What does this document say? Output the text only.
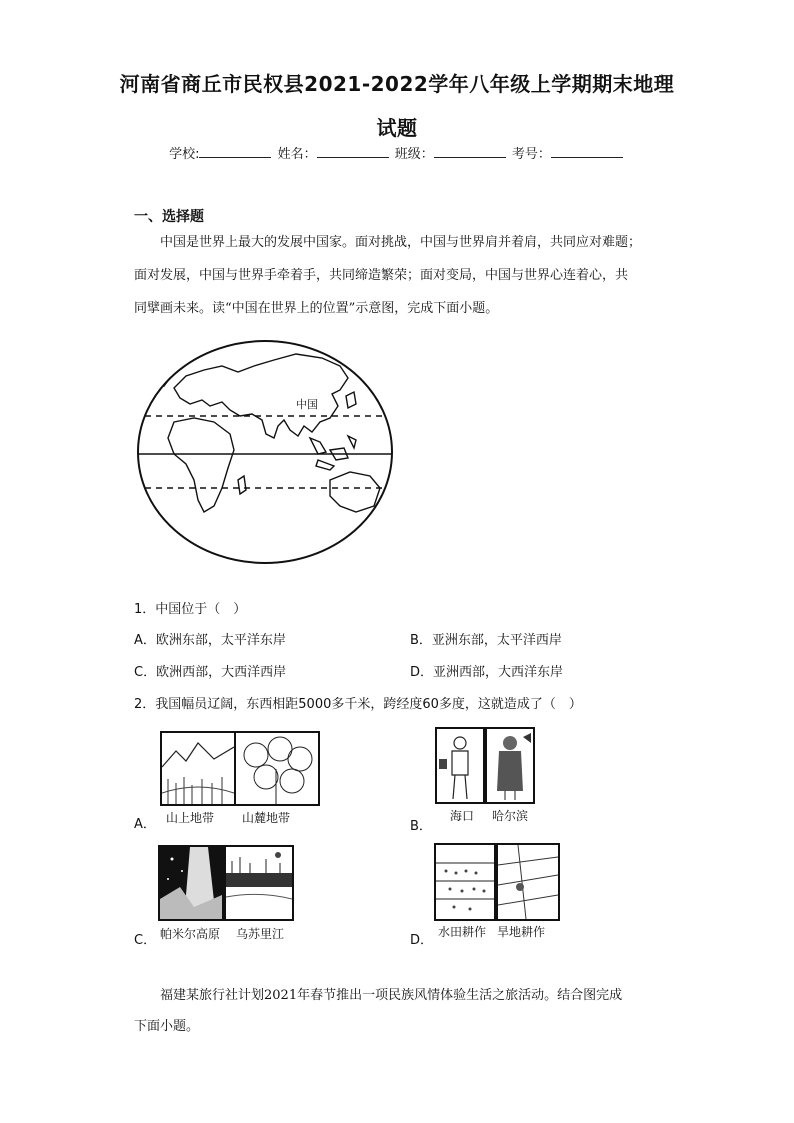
河南省商丘市民权县2021-2022学年八年级上学期期末地理
试题
学校:	姓名：	班级：	考号：
一、选择题
中国是世界上最大的发展中国家。面对挑战，中国与世界肩并着肩，共同应对难题；
面对发展，中国与世界手牵着手，共同缔造繁荣；面对变局，中国与世界心连着心，共
同擘画未来。读“中国在世界上的位置”示意图，完成下面小题。
中国
1．中国位于（　）
A．欧洲东部，太平洋东岸	B．亚洲东部，太平洋西岸
C．欧洲西部，大西洋西岸	D．亚洲西部，大西洋东岸
2．我国幅员辽阔，东西相距5000多千米，跨经度60多度，这就造成了（　）
A． 山上地带 山麓地带
B．
海口 哈尔滨
C． 帕米尔高原 乌苏里江	D．
水田耕作 旱地耕作
福建某旅行社计划2021年春节推出一项民族风情体验生活之旅活动。结合图完成
下面小题。
